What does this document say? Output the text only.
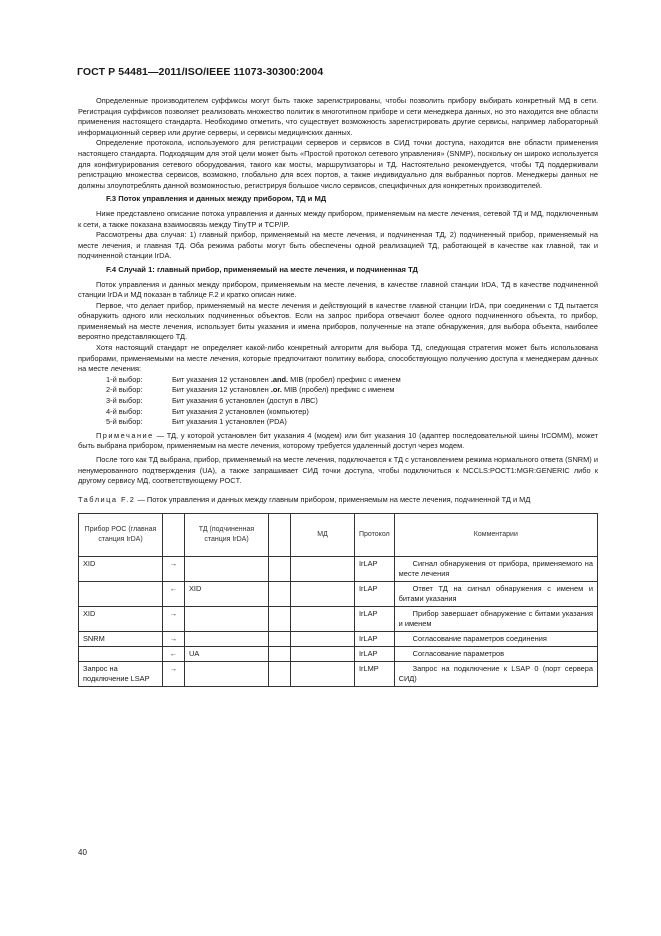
ГОСТ Р 54481—2011/ISO/IEEE 11073-30300:2004

Определенные производителем суффиксы могут быть также зарегистрированы, чтобы позволить прибору выбирать конкретный МД в сети. Регистрация суффиксов позволяет реализовать множество политик в многотипном приборе и сети менеджера данных, но это находится вне области применения настоящего стандарта. Необходимо отметить, что существует возможность зарегистрировать другие сервисы, например лабораторный информационный сервер или другие серверы, и сервисы медицинских данных.

Определение протокола, используемого для регистрации серверов и сервисов в СИД точки доступа, находится вне области применения настоящего стандарта. Подходящим для этой цели может быть «Простой протокол сетевого управления» (SNMP), поскольку он широко используется для конфигурирования сетевого оборудования, такого как мосты, маршрутизаторы и ТД. Настоятельно рекомендуется, чтобы ТД поддерживали регистрацию множества сервисов, возможно, глобально для всех портов, а также индивидуально для выбранных портов. Менеджеры данных не должны злоупотреблять данной возможностью, регистрируя большое число сервисов, специфичных для конкретных производителей.

F.3 Поток управления и данных между прибором, ТД и МД

Ниже представлено описание потока управления и данных между прибором, применяемым на месте лечения, сетевой ТД и МД, подключенным к сети, а также показана взаимосвязь между TinyTP и TCP/IP.

Рассмотрены два случая: 1) главный прибор, применяемый на месте лечения, и подчиненная ТД, 2) подчиненный прибор, применяемый на месте лечения, и главная ТД. Оба режима работы могут быть обеспечены одной реализацией ТД, работающей в качестве как главной, так и подчиненной станции IrDA.

F.4 Случай 1: главный прибор, применяемый на месте лечения, и подчиненная ТД

Поток управления и данных между прибором, применяемым на месте лечения, в качестве главной станции IrDA, ТД в качестве подчиненной станции IrDA и МД показан в таблице F.2 и кратко описан ниже.

Первое, что делает прибор, применяемый на месте лечения и действующий в качестве главной станции IrDA, при соединении с ТД пытается обнаружить одного или нескольких подчиненных объектов. Если на запрос прибора отвечают более одного подчиненного объекта, то прибор, применяемый на месте лечения, использует биты указания и имена приборов, полученные на этапе обнаружения, для выбора объекта, наиболее вероятно представляющего ТД.

Хотя настоящий стандарт не определяет какой-либо конкретный алгоритм для выбора ТД, следующая стратегия может быть использована приборами, применяемыми на месте лечения, которые предпочитают политику выбора, способствующую получению доступа к менеджерам данных на месте лечения:

1-й выбор:	Бит указания 12 установлен .and. MIB (пробел) префикс с именем
2-й выбор:	Бит указания 12 установлен .or. MIB (пробел) префикс с именем
3-й выбор:	Бит указания 6 установлен (доступ в ЛВС)
4-й выбор:	Бит указания 2 установлен (компьютер)
5-й выбор:	Бит указания 1 установлен (PDA)

Примечание — ТД, у которой установлен бит указания 4 (модем) или бит указания 10 (адаптер последовательной шины IrCOMM), может быть выбрана прибором, применяемым на месте лечения, которому требуется удаленный доступ через модем.

После того как ТД выбрана, прибор, применяемый на месте лечения, подключается к ТД с установлением режима нормального ответа (SNRM) и ненумерованного подтверждения (UA), а также запрашивает СИД точки доступа, чтобы подключиться к NCCLS:POCT1:MGR:GENERIC либо к другому сервису МД, соответствующему POCT.

Таблица F.2 — Поток управления и данных между главным прибором, применяемым на месте лечения, подчиненной ТД и МД
Прибор POC (главная станция IrDA)		ТД (подчиненная станция IrDA)		МД	Протокол	Комментарии
XID	→				IrLAP	Сигнал обнаружения от прибора, применяемого на месте лечения
	←	XID			IrLAP	Ответ ТД на сигнал обнаружения с именем и битами указания
XID	→				IrLAP	Прибор завершает обнаружение с битами указания и именем
SNRM	→				IrLAP	Согласование параметров соединения
	←	UA			IrLAP	Согласование параметров
Запрос на подключение LSAP	→				IrLMP	Запрос на подключение к LSAP 0 (порт сервера СИД)
40
